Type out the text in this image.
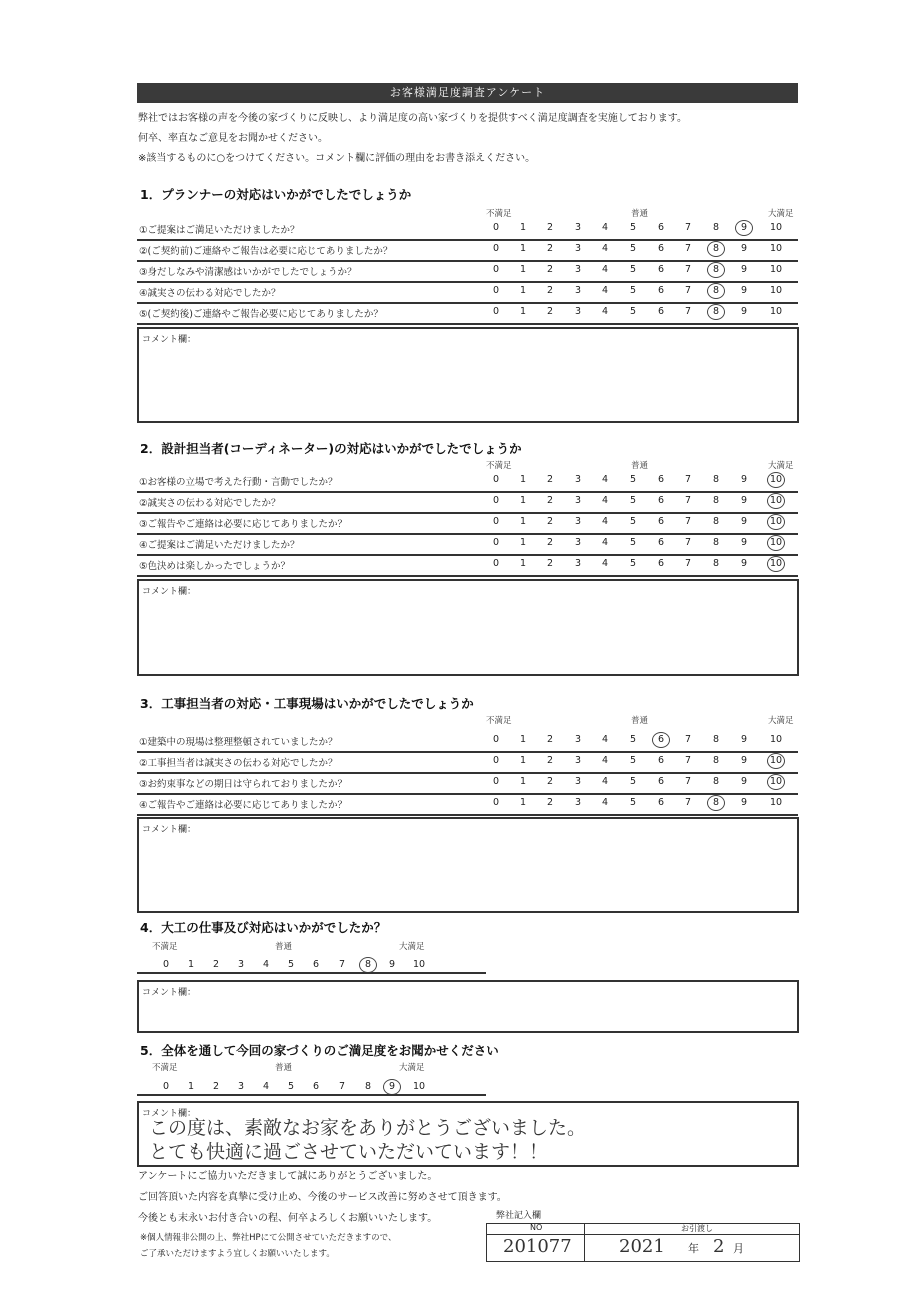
お客様満足度調査アンケート
弊社ではお客様の声を今後の家づくりに反映し、より満足度の高い家づくりを提供すべく満足度調査を実施しております。
何卒、率直なご意見をお聞かせください。
※該当するものに○をつけてください。コメント欄に評価の理由をお書き添えください。
1．プランナーの対応はいかがでしたでしょうか
不満足	普通	大満足
①ご提案はご満足いただけましたか？	0	1	2	3	4	5	6	7	8	9	10
②(ご契約前)ご連絡やご報告は必要に応じてありましたか？	0	1	2	3	4	5	6	7	8	9	10
③身だしなみや清潔感はいかがでしたでしょうか？	0	1	2	3	4	5	6	7	8	9	10
④誠実さの伝わる対応でしたか？	0	1	2	3	4	5	6	7	8	9	10
⑤(ご契約後)ご連絡やご報告必要に応じてありましたか？	0	1	2	3	4	5	6	7	8	9	10
コメント欄：
2．設計担当者(コーディネーター)の対応はいかがでしたでしょうか
不満足	普通	大満足
①お客様の立場で考えた行動・言動でしたか？	0	1	2	3	4	5	6	7	8	9	10
②誠実さの伝わる対応でしたか？	0	1	2	3	4	5	6	7	8	9	10
③ご報告やご連絡は必要に応じてありましたか？	0	1	2	3	4	5	6	7	8	9	10
④ご提案はご満足いただけましたか？	0	1	2	3	4	5	6	7	8	9	10
⑤色決めは楽しかったでしょうか？	0	1	2	3	4	5	6	7	8	9	10
コメント欄：
3．工事担当者の対応・工事現場はいかがでしたでしょうか
不満足	普通	大満足
①建築中の現場は整理整頓されていましたか？	0	1	2	3	4	5	6	7	8	9	10
②工事担当者は誠実さの伝わる対応でしたか？	0	1	2	3	4	5	6	7	8	9	10
③お約束事などの期日は守られておりましたか？	0	1	2	3	4	5	6	7	8	9	10
④ご報告やご連絡は必要に応じてありましたか？	0	1	2	3	4	5	6	7	8	9	10
コメント欄：
4．大工の仕事及び対応はいかがでしたか？
不満足	普通	大満足
0	1	2	3	4	5	6	7	8	9	10
コメント欄：
5．全体を通して今回の家づくりのご満足度をお聞かせください
不満足	普通	大満足
0	1	2	3	4	5	6	7	8	9	10
コメント欄：
この度は、素敵なお家をありがとうございました。
とても快適に過ごさせていただいています！！
アンケートにご協力いただきまして誠にありがとうございました。
ご回答頂いた内容を真摯に受け止め、今後のサービス改善に努めさせて頂きます。
今後とも末永いお付き合いの程、何卒よろしくお願いいたします。
※個人情報非公開の上、弊社HPにて公開させていただきますので、
ご了承いただけますよう宜しくお願いいたします。
弊社記入欄
NO	お引渡し
201077	2021 年 2 月
